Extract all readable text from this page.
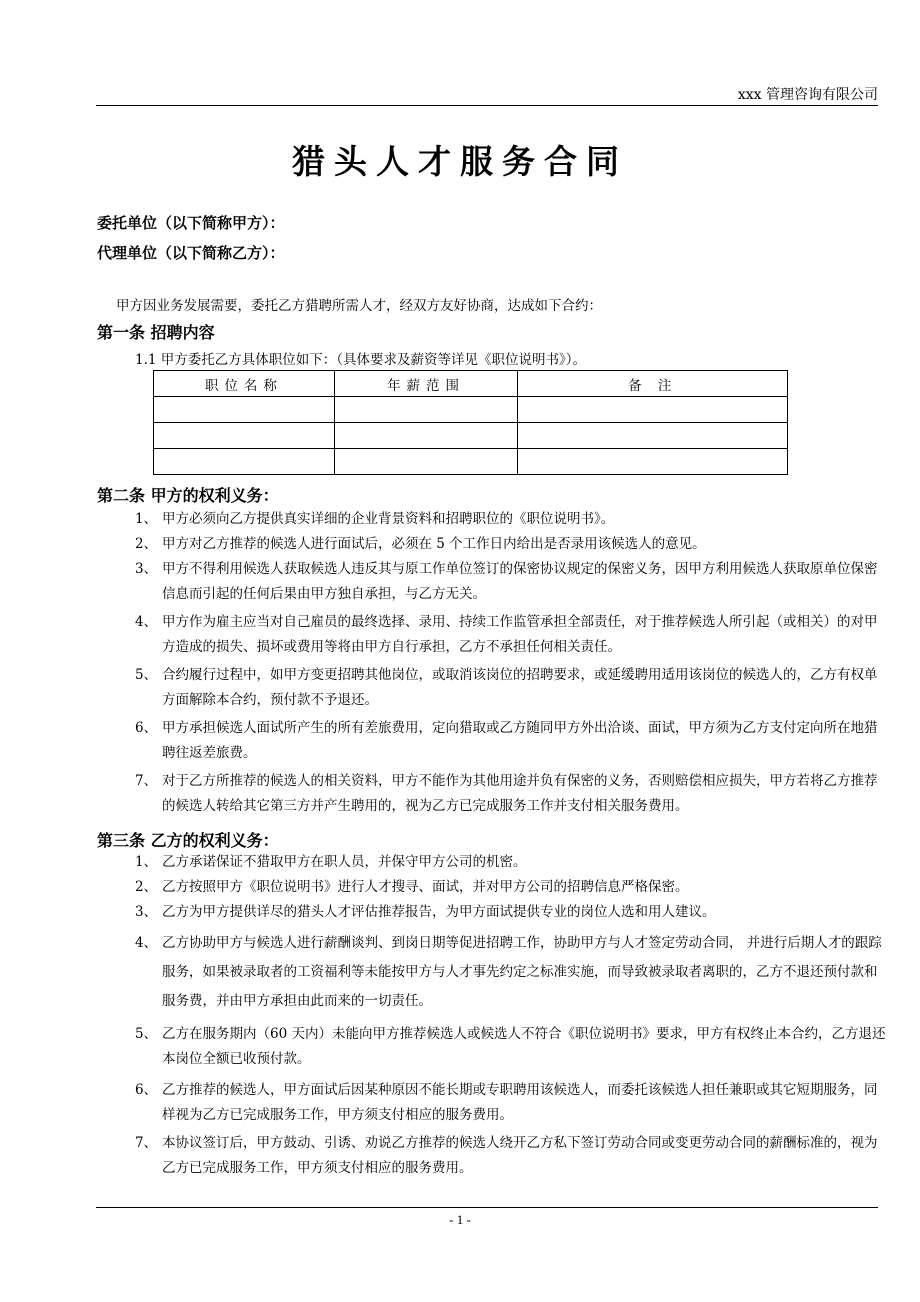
xxx 管理咨询有限公司
猎头人才服务合同
委托单位（以下简称甲方）：
代理单位（以下简称乙方）：
甲方因业务发展需要，委托乙方猎聘所需人才，经双方友好协商，达成如下合约：
第一条 招聘内容
1.1 甲方委托乙方具体职位如下：（具体要求及薪资等详见《职位说明书》）。
职位名称	年薪范围	备 注

第二条 甲方的权利义务：
1、 甲方必须向乙方提供真实详细的企业背景资料和招聘职位的《职位说明书》。
2、 甲方对乙方推荐的候选人进行面试后，必须在 5 个工作日内给出是否录用该候选人的意见。
3、 甲方不得利用候选人获取候选人违反其与原工作单位签订的保密协议规定的保密义务，因甲方利用候选人获取原单位保密信息而引起的任何后果由甲方独自承担，与乙方无关。
4、 甲方作为雇主应当对自己雇员的最终选择、录用、持续工作监管承担全部责任，对于推荐候选人所引起（或相关）的对甲方造成的损失、损坏或费用等将由甲方自行承担，乙方不承担任何相关责任。
5、 合约履行过程中，如甲方变更招聘其他岗位，或取消该岗位的招聘要求，或延缓聘用适用该岗位的候选人的，乙方有权单方面解除本合约，预付款不予退还。
6、 甲方承担候选人面试所产生的所有差旅费用，定向猎取或乙方随同甲方外出洽谈、面试，甲方须为乙方支付定向所在地猎聘往返差旅费。
7、 对于乙方所推荐的候选人的相关资料，甲方不能作为其他用途并负有保密的义务，否则赔偿相应损失，甲方若将乙方推荐的候选人转给其它第三方并产生聘用的，视为乙方已完成服务工作并支付相关服务费用。
第三条 乙方的权利义务：
1、 乙方承诺保证不猎取甲方在职人员，并保守甲方公司的机密。
2、 乙方按照甲方《职位说明书》进行人才搜寻、面试，并对甲方公司的招聘信息严格保密。
3、 乙方为甲方提供详尽的猎头人才评估推荐报告，为甲方面试提供专业的岗位人选和用人建议。
4、 乙方协助甲方与候选人进行薪酬谈判、到岗日期等促进招聘工作，协助甲方与人才签定劳动合同， 并进行后期人才的跟踪服务，如果被录取者的工资福利等未能按甲方与人才事先约定之标准实施，而导致被录取者离职的，乙方不退还预付款和服务费，并由甲方承担由此而来的一切责任。
5、 乙方在服务期内（60 天内）未能向甲方推荐候选人或候选人不符合《职位说明书》要求，甲方有权终止本合约，乙方退还本岗位全额已收预付款。
6、 乙方推荐的候选人，甲方面试后因某种原因不能长期或专职聘用该候选人，而委托该候选人担任兼职或其它短期服务，同样视为乙方已完成服务工作，甲方须支付相应的服务费用。
7、 本协议签订后，甲方鼓动、引诱、劝说乙方推荐的候选人绕开乙方私下签订劳动合同或变更劳动合同的薪酬标准的，视为乙方已完成服务工作，甲方须支付相应的服务费用。
- 1 -
